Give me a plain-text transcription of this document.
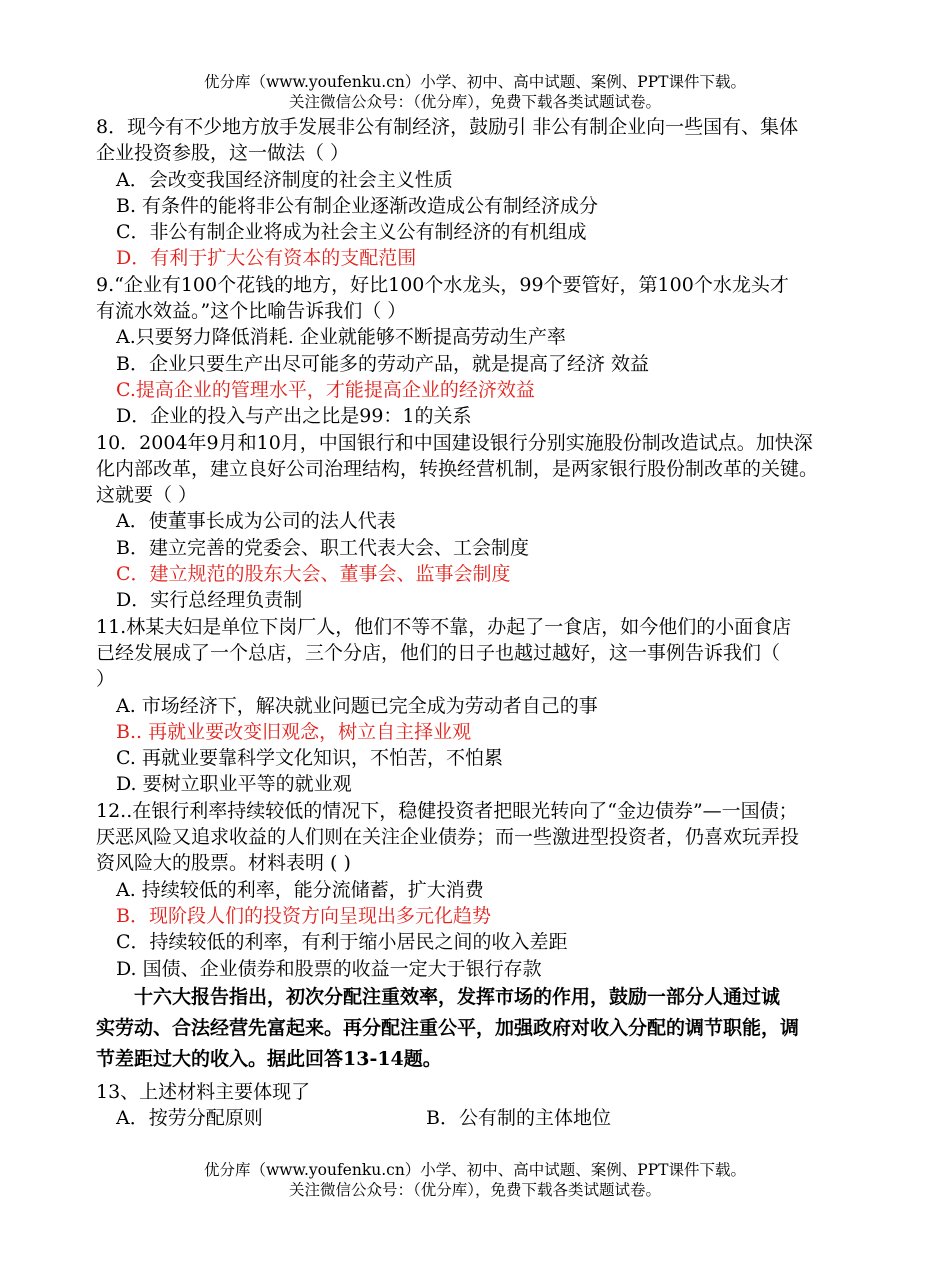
优分库（www.youfenku.cn）小学、初中、高中试题、案例、PPT课件下载。
关注微信公众号：（优分库），免费下载各类试题试卷。
8．现今有不少地方放手发展非公有制经济，鼓励引 非公有制企业向一些国有、集体
企业投资参股，这一做法（ ）
A．会改变我国经济制度的社会主义性质
B. 有条件的能将非公有制企业逐渐改造成公有制经济成分
C．非公有制企业将成为社会主义公有制经济的有机组成
D．有利于扩大公有资本的支配范围
9.“企业有100个花钱的地方，好比100个水龙头，99个要管好，第100个水龙头才
有流水效益。”这个比喻告诉我们（ ）
A.只要努力降低消耗. 企业就能够不断提高劳动生产率
B．企业只要生产出尽可能多的劳动产品，就是提高了经济 效益
C.提高企业的管理水平，才能提高企业的经济效益
D．企业的投入与产出之比是99：1的关系
10．2004年9月和10月，中国银行和中国建设银行分别实施股份制改造试点。加快深
化内部改革，建立良好公司治理结构，转换经营机制，是两家银行股份制改革的关键。
这就要（ ）
A．使董事长成为公司的法人代表
B．建立完善的党委会、职工代表大会、工会制度
C．建立规范的股东大会、董事会、监事会制度
D．实行总经理负责制
11.林某夫妇是单位下岗厂人，他们不等不靠，办起了一食店，如今他们的小面食店
已经发展成了一个总店，三个分店，他们的日子也越过越好，这一事例告诉我们（
）
A. 市场经济下，解决就业问题已完全成为劳动者自己的事
B.. 再就业要改变旧观念，树立自主择业观
C. 再就业要靠科学文化知识，不怕苦，不怕累
D. 要树立职业平等的就业观
12..在银行利率持续较低的情况下，稳健投资者把眼光转向了“金边债券”—一国债；
厌恶风险又追求收益的人们则在关注企业债券；而一些激进型投资者，仍喜欢玩弄投
资风险大的股票。材料表明 ( )
A. 持续较低的利率，能分流储蓄，扩大消费
B．现阶段人们的投资方向呈现出多元化趋势
C．持续较低的利率，有利于缩小居民之间的收入差距
D. 国债、企业债券和股票的收益一定大于银行存款
十六大报告指出，初次分配注重效率，发挥市场的作用，鼓励一部分人通过诚
实劳动、合法经营先富起来。再分配注重公平，加强政府对收入分配的调节职能，调
节差距过大的收入。据此回答13-14题。
13、上述材料主要体现了
A．按劳分配原则	B．公有制的主体地位
优分库（www.youfenku.cn）小学、初中、高中试题、案例、PPT课件下载。
关注微信公众号：（优分库），免费下载各类试题试卷。
